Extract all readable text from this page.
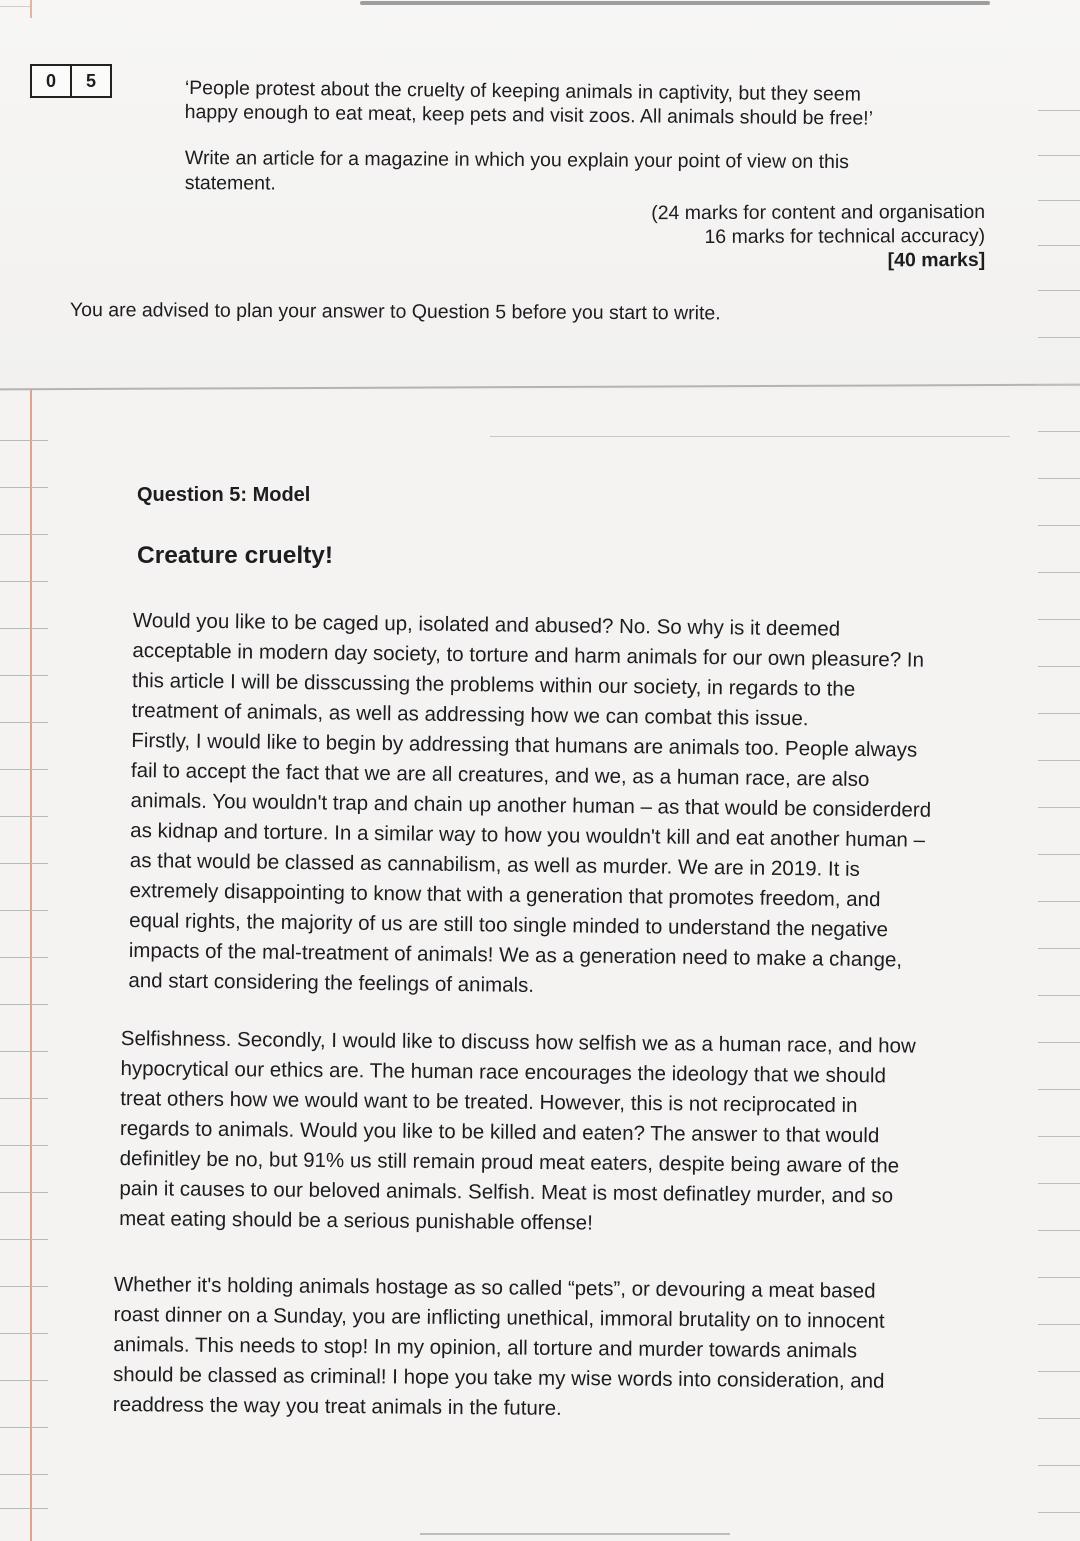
0	5	‘People protest about the cruelty of keeping animals in captivity, but they seem
happy enough to eat meat, keep pets and visit zoos. All animals should be free!’
Write an article for a magazine in which you explain your point of view on this
statement.
(24 marks for content and organisation
16 marks for technical accuracy)
[40 marks]
You are advised to plan your answer to Question 5 before you start to write.
Question 5: Model
Creature cruelty!
Would you like to be caged up, isolated and abused? No. So why is it deemed
acceptable in modern day society, to torture and harm animals for our own pleasure? In
this article I will be disscussing the problems within our society, in regards to the
treatment of animals, as well as addressing how we can combat this issue.
Firstly, I would like to begin by addressing that humans are animals too. People always
fail to accept the fact that we are all creatures, and we, as a human race, are also
animals. You wouldn't trap and chain up another human – as that would be considerderd
as kidnap and torture. In a similar way to how you wouldn't kill and eat another human –
as that would be classed as cannabilism, as well as murder. We are in 2019. It is
extremely disappointing to know that with a generation that promotes freedom, and
equal rights, the majority of us are still too single minded to understand the negative
impacts of the mal-treatment of animals! We as a generation need to make a change,
and start considering the feelings of animals.
Selfishness. Secondly, I would like to discuss how selfish we as a human race, and how
hypocrytical our ethics are. The human race encourages the ideology that we should
treat others how we would want to be treated. However, this is not reciprocated in
regards to animals. Would you like to be killed and eaten? The answer to that would
definitley be no, but 91% us still remain proud meat eaters, despite being aware of the
pain it causes to our beloved animals. Selfish. Meat is most definatley murder, and so
meat eating should be a serious punishable offense!
Whether it's holding animals hostage as so called “pets”, or devouring a meat based
roast dinner on a Sunday, you are inflicting unethical, immoral brutality on to innocent
animals. This needs to stop! In my opinion, all torture and murder towards animals
should be classed as criminal! I hope you take my wise words into consideration, and
readdress the way you treat animals in the future.
